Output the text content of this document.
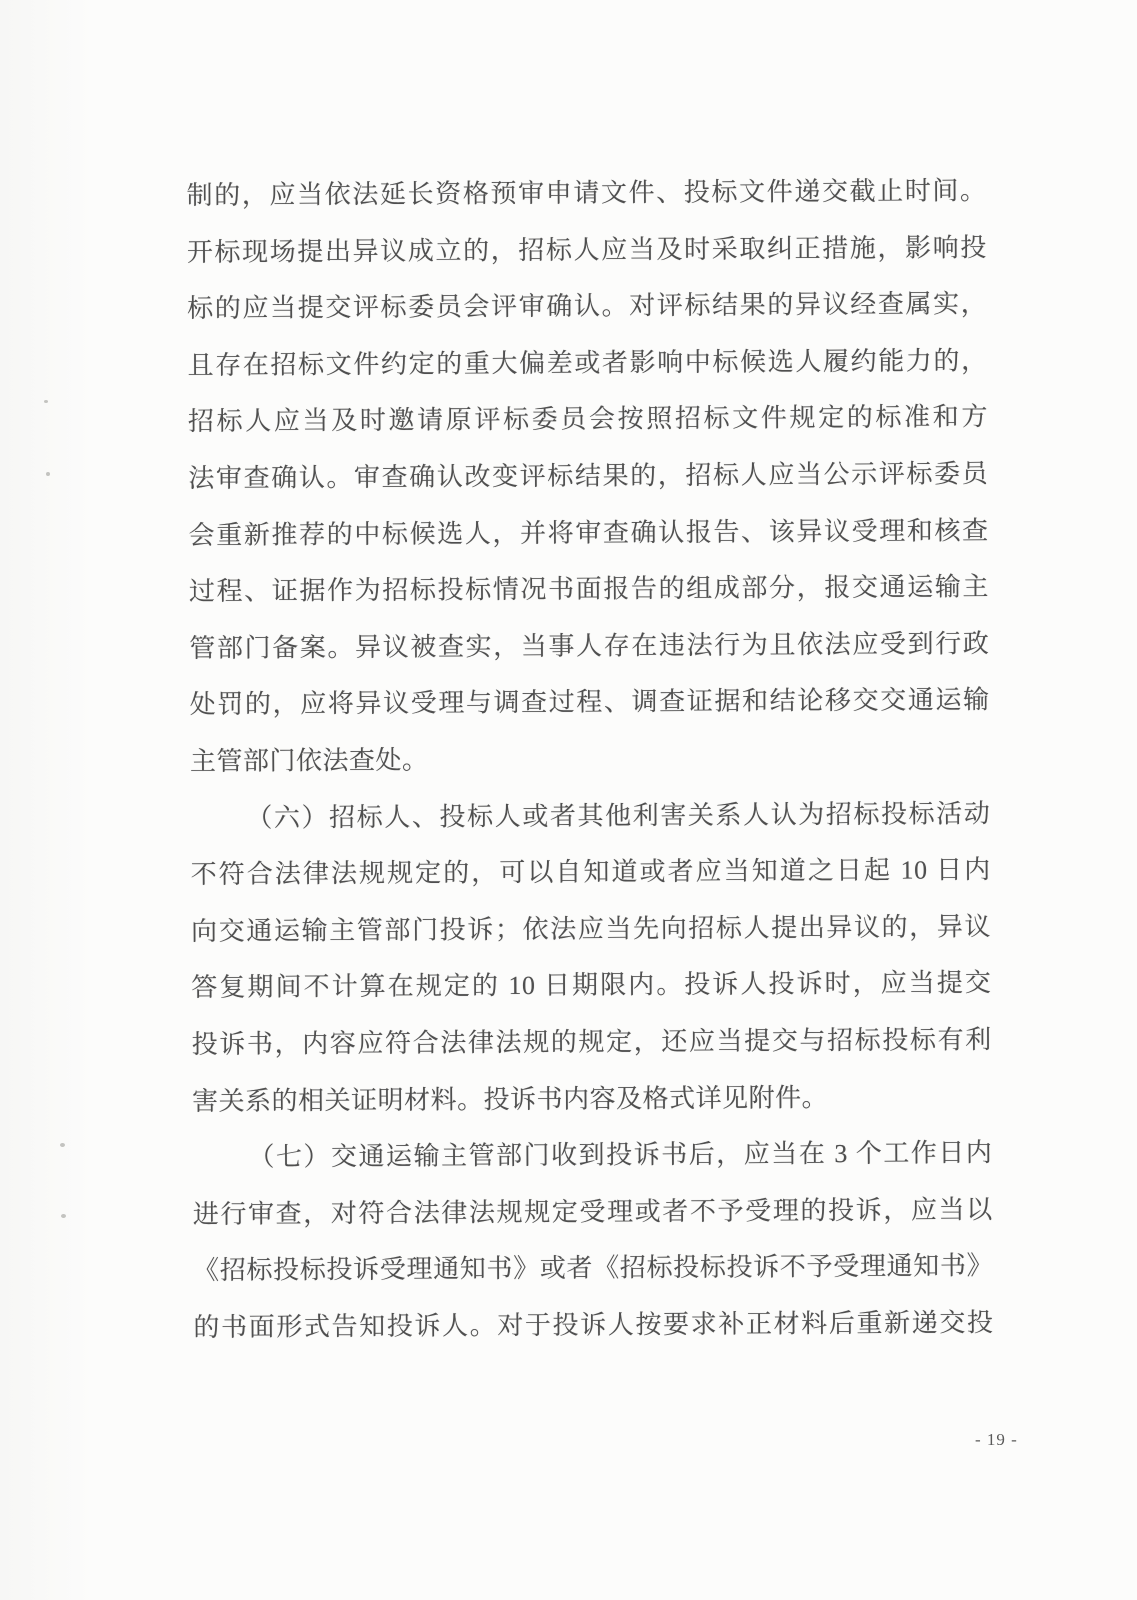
制的，应当依法延长资格预审申请文件、投标文件递交截止时间。
开标现场提出异议成立的，招标人应当及时采取纠正措施，影响投
标的应当提交评标委员会评审确认。对评标结果的异议经查属实，
且存在招标文件约定的重大偏差或者影响中标候选人履约能力的，
招标人应当及时邀请原评标委员会按照招标文件规定的标准和方
法审查确认。审查确认改变评标结果的，招标人应当公示评标委员
会重新推荐的中标候选人，并将审查确认报告、该异议受理和核查
过程、证据作为招标投标情况书面报告的组成部分，报交通运输主
管部门备案。异议被查实，当事人存在违法行为且依法应受到行政
处罚的，应将异议受理与调查过程、调查证据和结论移交交通运输
主管部门依法查处。
（六）招标人、投标人或者其他利害关系人认为招标投标活动
不符合法律法规规定的，可以自知道或者应当知道之日起 10 日内
向交通运输主管部门投诉；依法应当先向招标人提出异议的，异议
答复期间不计算在规定的 10 日期限内。投诉人投诉时，应当提交
投诉书，内容应符合法律法规的规定，还应当提交与招标投标有利
害关系的相关证明材料。投诉书内容及格式详见附件。
（七）交通运输主管部门收到投诉书后，应当在 3 个工作日内
进行审查，对符合法律法规规定受理或者不予受理的投诉，应当以
《招标投标投诉受理通知书》或者《招标投标投诉不予受理通知书》
的书面形式告知投诉人。对于投诉人按要求补正材料后重新递交投
- 19 -
